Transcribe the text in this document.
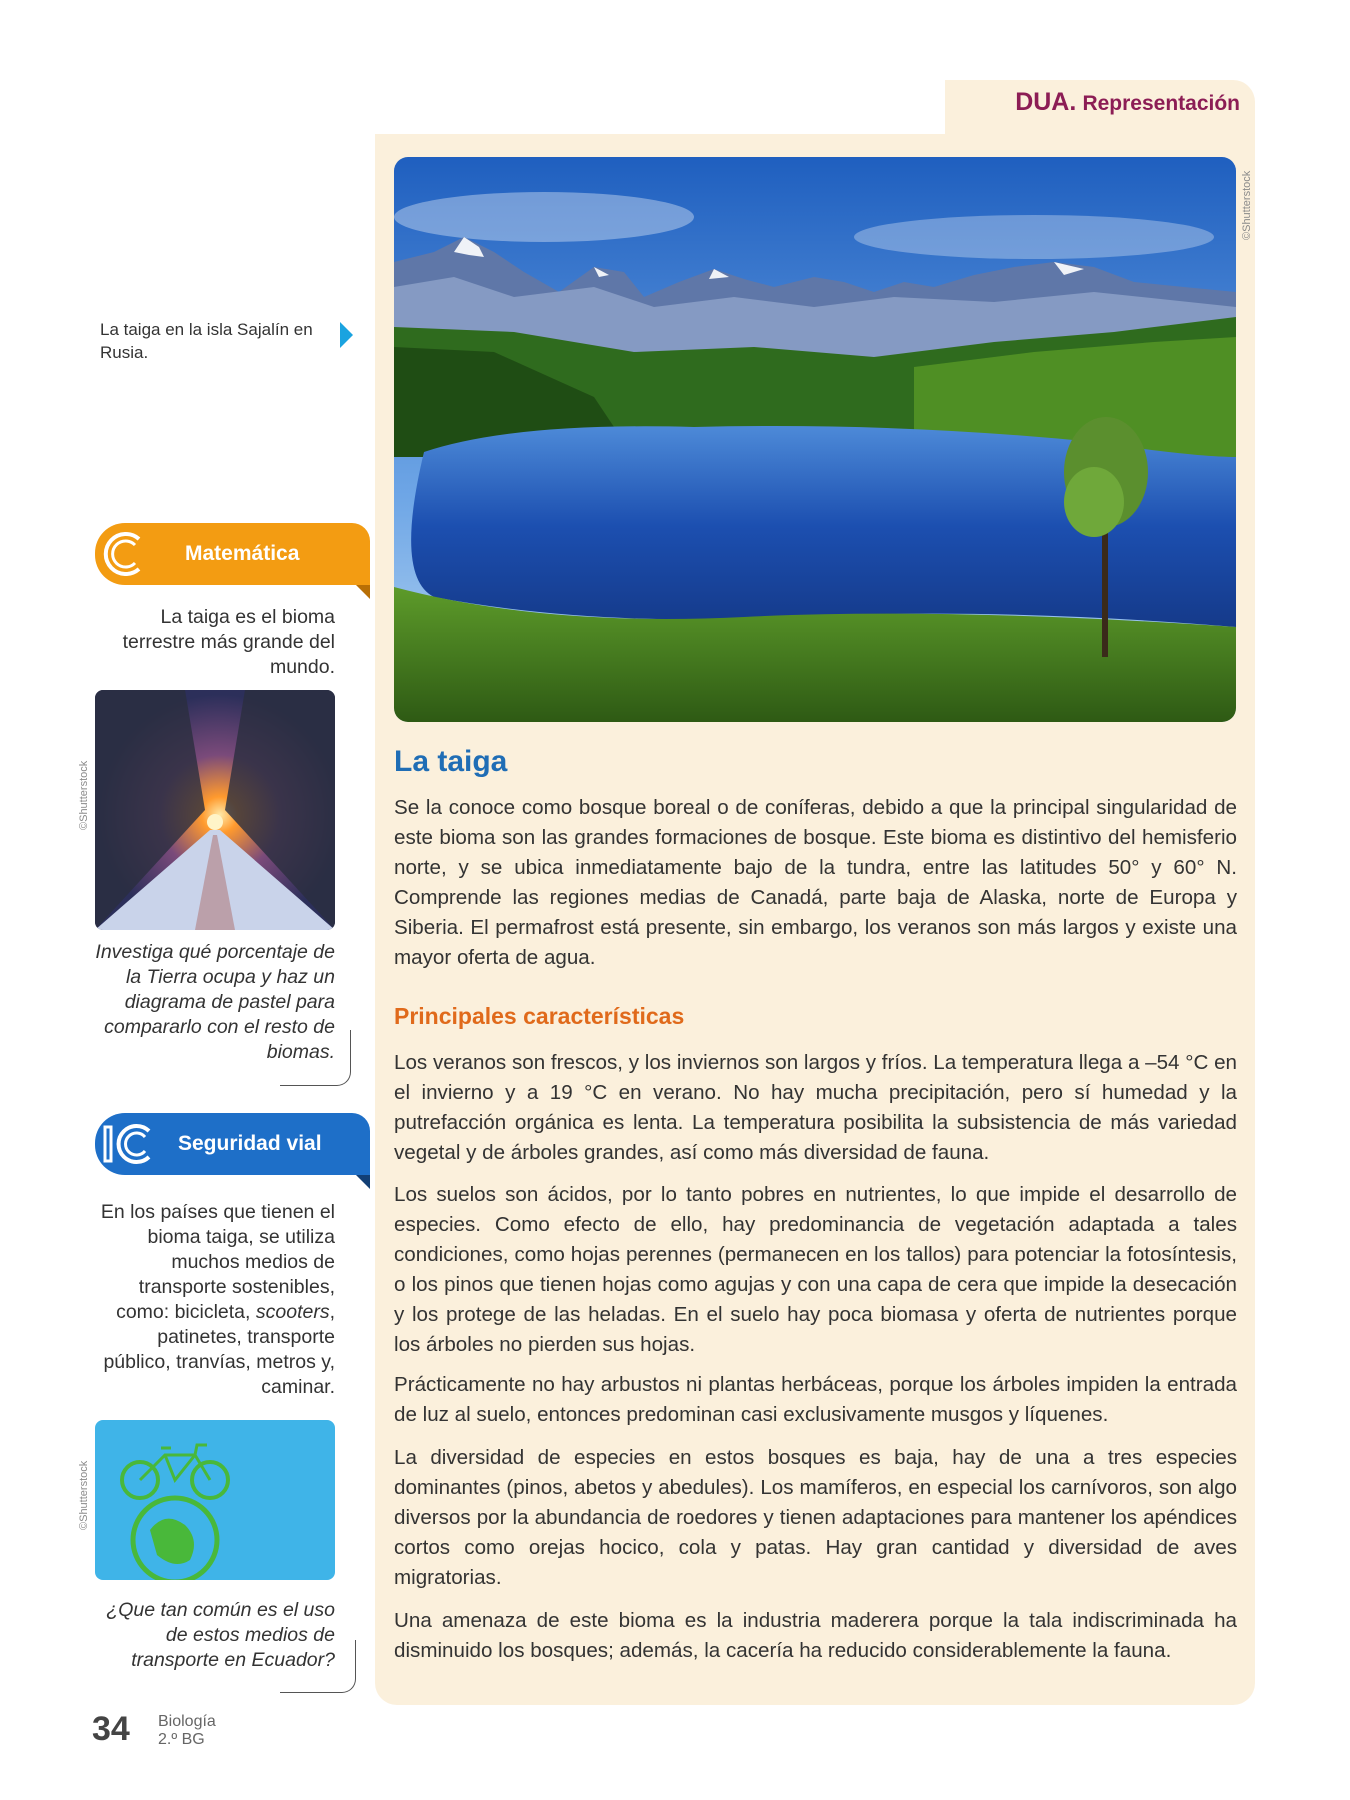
DUA. Representación
©Shutterstock
La taiga

Se la conoce como bosque boreal o de coníferas, debido a que la principal singularidad de este bioma son las grandes formaciones de bosque. Este bioma es distintivo del hemisferio norte, y se ubica inmediatamente bajo de la tundra, entre las latitudes 50° y 60° N. Comprende las regiones medias de Canadá, parte baja de Alaska, norte de Europa y Siberia. El permafrost está presente, sin embargo, los veranos son más largos y existe una mayor oferta de agua.

Principales características

Los veranos son frescos, y los inviernos son largos y fríos. La temperatura llega a –54 °C en el invierno y a 19 °C en verano. No hay mucha precipitación, pero sí humedad y la putrefacción orgánica es lenta. La temperatura posibilita la subsistencia de más variedad vegetal y de árboles grandes, así como más diversidad de fauna.

Los suelos son ácidos, por lo tanto pobres en nutrientes, lo que impide el desarrollo de especies. Como efecto de ello, hay predominancia de vegetación adaptada a tales condiciones, como hojas perennes (permanecen en los tallos) para potenciar la fotosíntesis, o los pinos que tienen hojas como agujas y con una capa de cera que impide la desecación y los protege de las heladas. En el suelo hay poca biomasa y oferta de nutrientes porque los árboles no pierden sus hojas.

Prácticamente no hay arbustos ni plantas herbáceas, porque los árboles impiden la entrada de luz al suelo, entonces predominan casi exclusivamente musgos y líquenes.

La diversidad de especies en estos bosques es baja, hay de una a tres especies dominantes (pinos, abetos y abedules). Los mamíferos, en especial los carnívoros, son algo diversos por la abundancia de roedores y tienen adaptaciones para mantener los apéndices cortos como orejas hocico, cola y patas. Hay gran cantidad y diversidad de aves migratorias.

Una amenaza de este bioma es la industria maderera porque la tala indiscriminada ha disminuido los bosques; además, la cacería ha reducido considerablemente la fauna.

La taiga en la isla Sajalín en Rusia.
Matemática
La taiga es el bioma terrestre más grande del mundo.
©Shutterstock
Investiga qué porcentaje de la Tierra ocupa y haz un diagrama de pastel para compararlo con el resto de biomas.
Seguridad vial
En los países que tienen el bioma taiga, se utiliza muchos medios de transporte sostenibles, como: bicicleta, scooters, patinetes, transporte público, tranvías, metros y, caminar.
©Shutterstock
¿Que tan común es el uso de estos medios de transporte en Ecuador?
34 Biología
2.º BG
